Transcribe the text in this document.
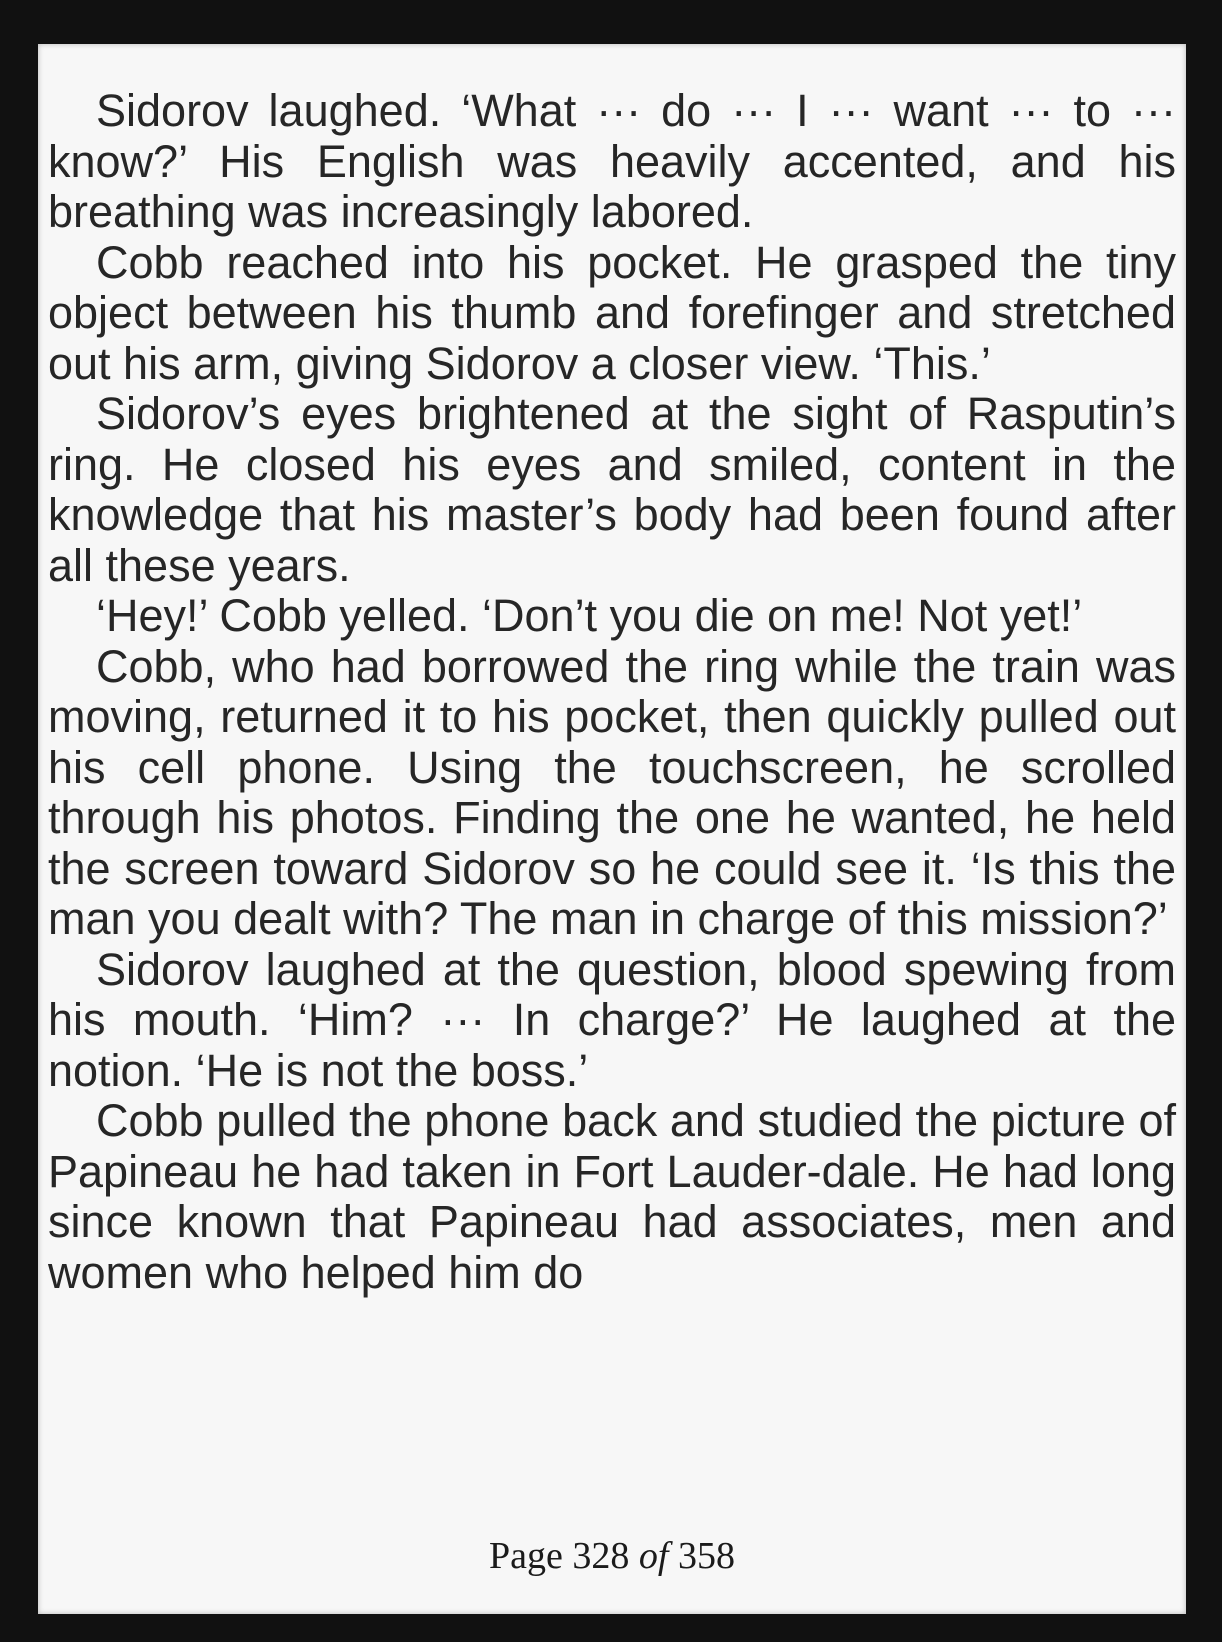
Sidorov laughed. ‘What ··· do ··· I ··· want ··· to ··· know?’ His English was heavily accented, and his breathing was increasingly labored.

Cobb reached into his pocket. He grasped the tiny object between his thumb and forefinger and stretched out his arm, giving Sidorov a closer view. ‘This.’

Sidorov’s eyes brightened at the sight of Rasputin’s ring. He closed his eyes and smiled, content in the knowledge that his master’s body had been found after all these years.

‘Hey!’ Cobb yelled. ‘Don’t you die on me! Not yet!’

Cobb, who had borrowed the ring while the train was moving, returned it to his pocket, then quickly pulled out his cell phone. Using the touchscreen, he scrolled through his photos. Finding the one he wanted, he held the screen toward Sidorov so he could see it. ‘Is this the man you dealt with? The man in charge of this mission?’

Sidorov laughed at the question, blood spewing from his mouth. ‘Him? ··· In charge?’ He laughed at the notion. ‘He is not the boss.’

Cobb pulled the phone back and studied the picture of Papineau he had taken in Fort Lauder-dale. He had long since known that Papineau had associates, men and women who helped him do

Page 328 of 358
